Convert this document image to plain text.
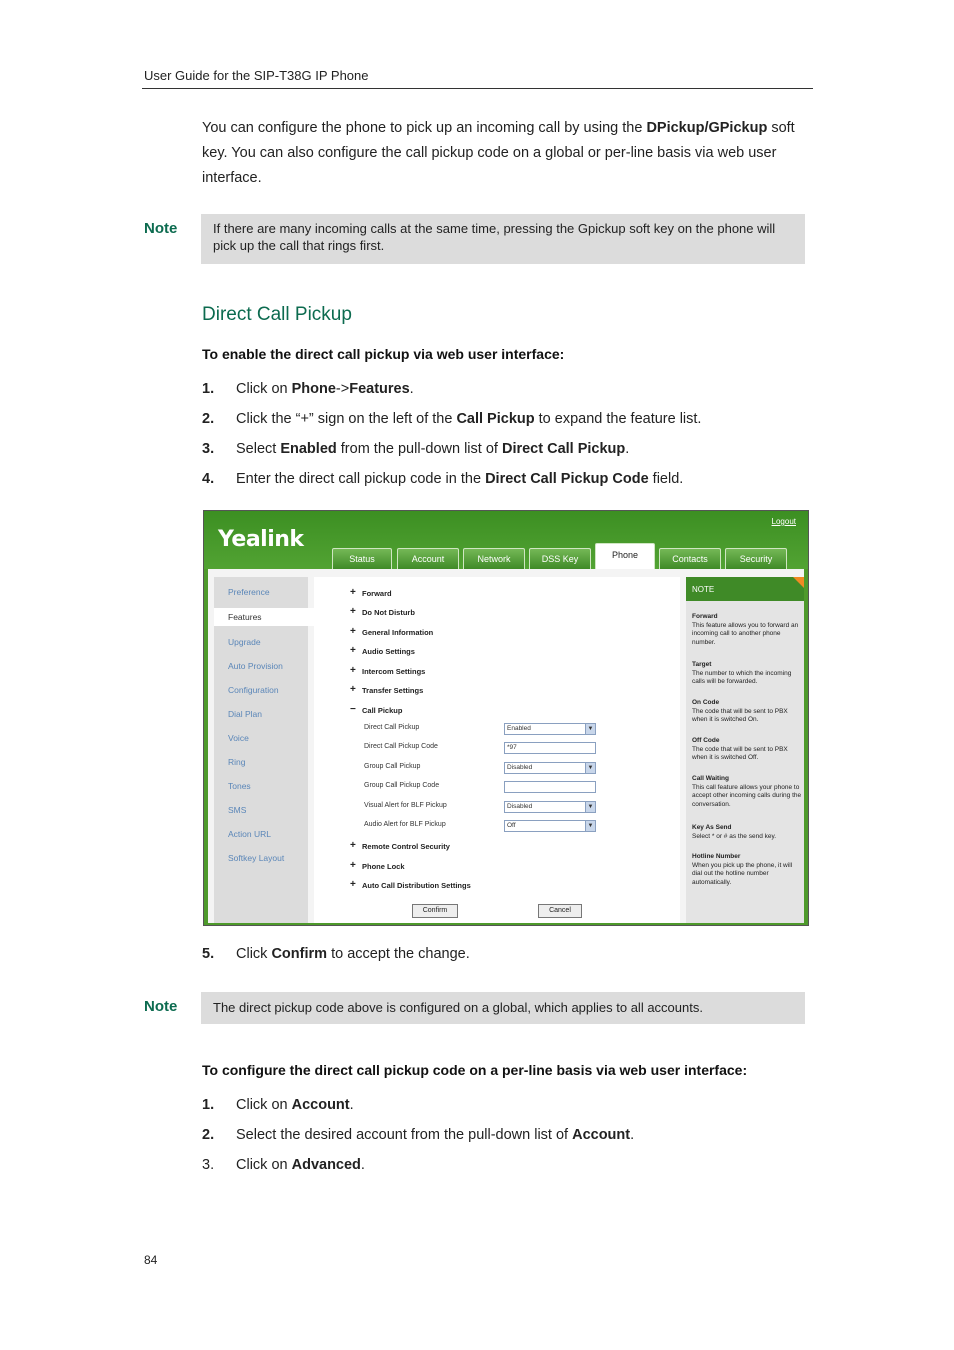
User Guide for the SIP-T38G IP Phone
You can configure the phone to pick up an incoming call by using the DPickup/GPickup soft key. You can also configure the call pickup code on a global or per-line basis via web user interface.
Note	If there are many incoming calls at the same time, pressing the Gpickup soft key on the phone will pick up the call that rings first.
Direct Call Pickup
To enable the direct call pickup via web user interface:
1. Click on Phone->Features.
2. Click the “+” sign on the left of the Call Pickup to expand the feature list.
3. Select Enabled from the pull-down list of Direct Call Pickup.
4. Enter the direct call pickup code in the Direct Call Pickup Code field.
Yealink
Logout
Status	Account	Network	DSS Key	Phone	Contacts	Security
Preference
Features
Upgrade
Auto Provision
Configuration
Dial Plan
Voice
Ring
Tones
SMS
Action URL
Softkey Layout
+ Forward
+ Do Not Disturb
+ General Information
+ Audio Settings
+ Intercom Settings
+ Transfer Settings
− Call Pickup
Direct Call Pickup	Enabled	▼
Direct Call Pickup Code	*97
Group Call Pickup	Disabled	▼
Group Call Pickup Code
Visual Alert for BLF Pickup	Disabled	▼
Audio Alert for BLF Pickup	Off	▼
+ Remote Control Security
+ Phone Lock
+ Auto Call Distribution Settings
Confirm	Cancel
NOTE
Forward
This feature allows you to forward an incoming call to another phone number.
Target
The number to which the incoming calls will be forwarded.
On Code
The code that will be sent to PBX when it is switched On.
Off Code
The code that will be sent to PBX when it is switched Off.
Call Waiting
This call feature allows your phone to accept other incoming calls during the conversation.
Key As Send
Select * or # as the send key.
Hotline Number
When you pick up the phone, it will dial out the hotline number automatically.
5. Click Confirm to accept the change.
Note	The direct pickup code above is configured on a global, which applies to all accounts.
To configure the direct call pickup code on a per-line basis via web user interface:
1. Click on Account.
2. Select the desired account from the pull-down list of Account.
3. Click on Advanced.
84
